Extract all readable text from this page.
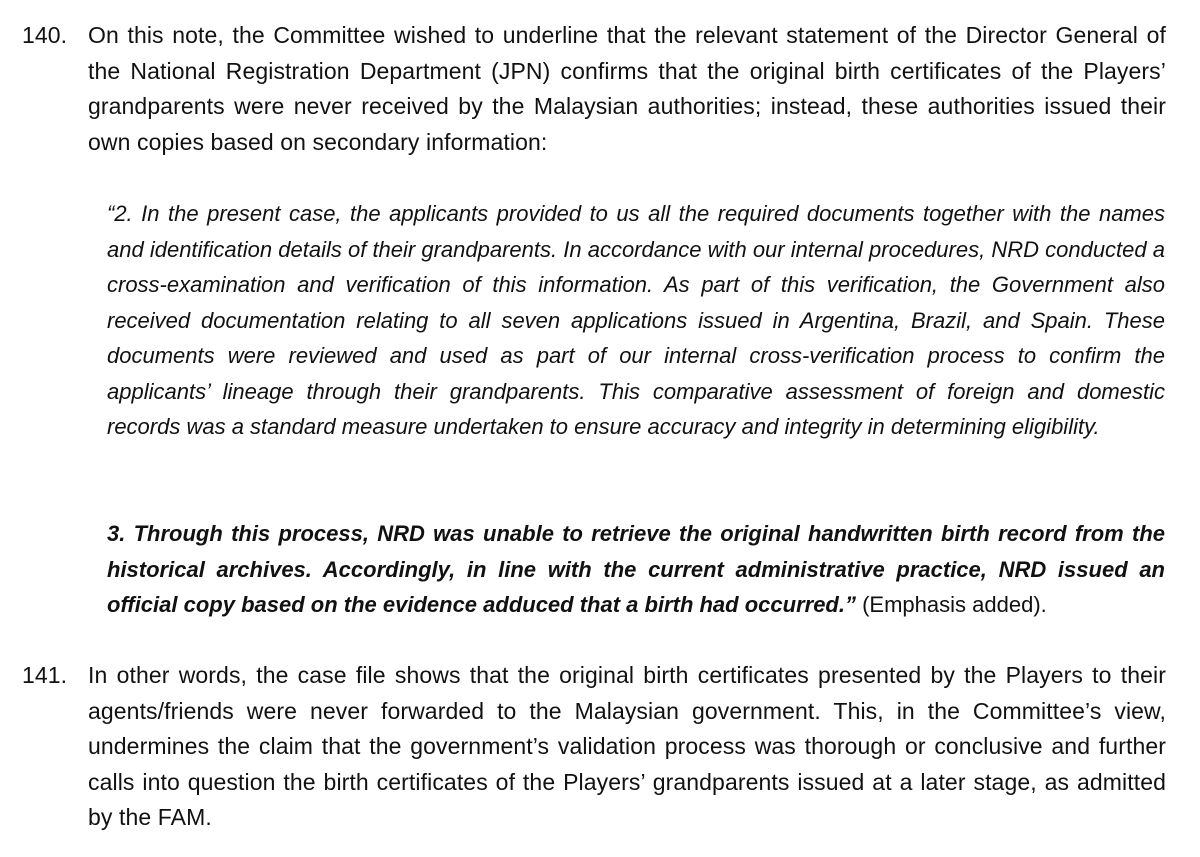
140. On this note, the Committee wished to underline that the relevant statement of the Director General of the National Registration Department (JPN) confirms that the original birth certificates of the Players’ grandparents were never received by the Malaysian authorities; instead, these authorities issued their own copies based on secondary information:

“2. In the present case, the applicants provided to us all the required documents together with the names and identification details of their grandparents. In accordance with our internal procedures, NRD conducted a cross-examination and verification of this information. As part of this verification, the Government also received documentation relating to all seven applications issued in Argentina, Brazil, and Spain. These documents were reviewed and used as part of our internal cross-verification process to confirm the applicants’ lineage through their grandparents. This comparative assessment of foreign and domestic records was a standard measure undertaken to ensure accuracy and integrity in determining eligibility.

3. Through this process, NRD was unable to retrieve the original handwritten birth record from the historical archives. Accordingly, in line with the current administrative practice, NRD issued an official copy based on the evidence adduced that a birth had occurred.” (Emphasis added).

141. In other words, the case file shows that the original birth certificates presented by the Players to their agents/friends were never forwarded to the Malaysian government. This, in the Committee’s view, undermines the claim that the government’s validation process was thorough or conclusive and further calls into question the birth certificates of the Players’ grandparents issued at a later stage, as admitted by the FAM.
